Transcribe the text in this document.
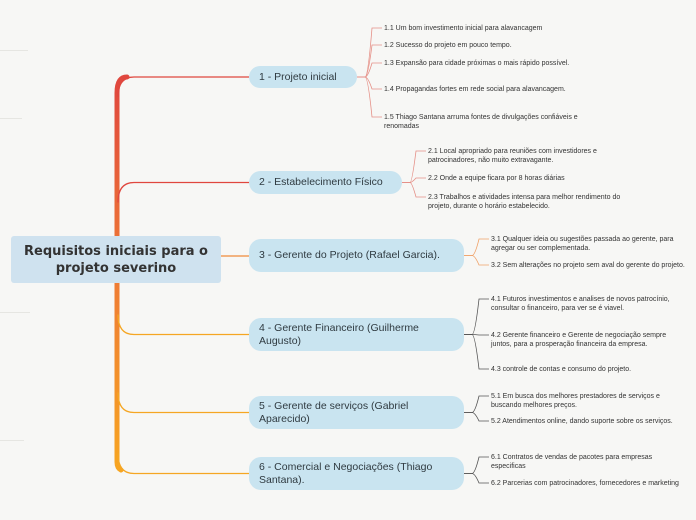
Requisitos iniciais para o projeto severino
1 - Projeto inicial
2 - Estabelecimento Físico
3 - Gerente do Projeto (Rafael Garcia).
4 - Gerente Financeiro (Guilherme Augusto)
5 - Gerente de serviços (Gabriel Aparecido)
6 - Comercial e Negociações (Thiago Santana).
1.1 Um bom investimento inicial para alavancagem
1.2 Sucesso do projeto em pouco tempo.
1.3 Expansão para cidade próximas o mais rápido possível.
1.4 Propagandas fortes em rede social para alavancagem.
1.5 Thiago Santana arruma fontes de divulgações confiáveis e renomadas
2.1 Local apropriado para reuniões com investidores e patrocinadores, não muito extravagante.
2.2 Onde a equipe ficara por 8 horas diárias
2.3 Trabalhos e atividades intensa para melhor rendimento do projeto, durante o horário estabelecido.
3.1 Qualquer ideia ou sugestões passada ao gerente, para agregar ou ser complementada.
3.2 Sem alterações no projeto sem aval do gerente do projeto.
4.1 Futuros investimentos e analises de novos patrocínio, consultar o financeiro, para ver se é viavel.
4.2 Gerente financeiro e Gerente de negociação sempre juntos, para a prosperação financeira da empresa.
4.3 controle de contas e consumo do projeto.
5.1 Em busca dos melhores prestadores de serviços e buscando melhores preços.
5.2 Atendimentos online, dando suporte sobre os serviços.
6.1 Contratos de vendas de pacotes para empresas especificas
6.2 Parcerias com patrocinadores, fornecedores e marketing
